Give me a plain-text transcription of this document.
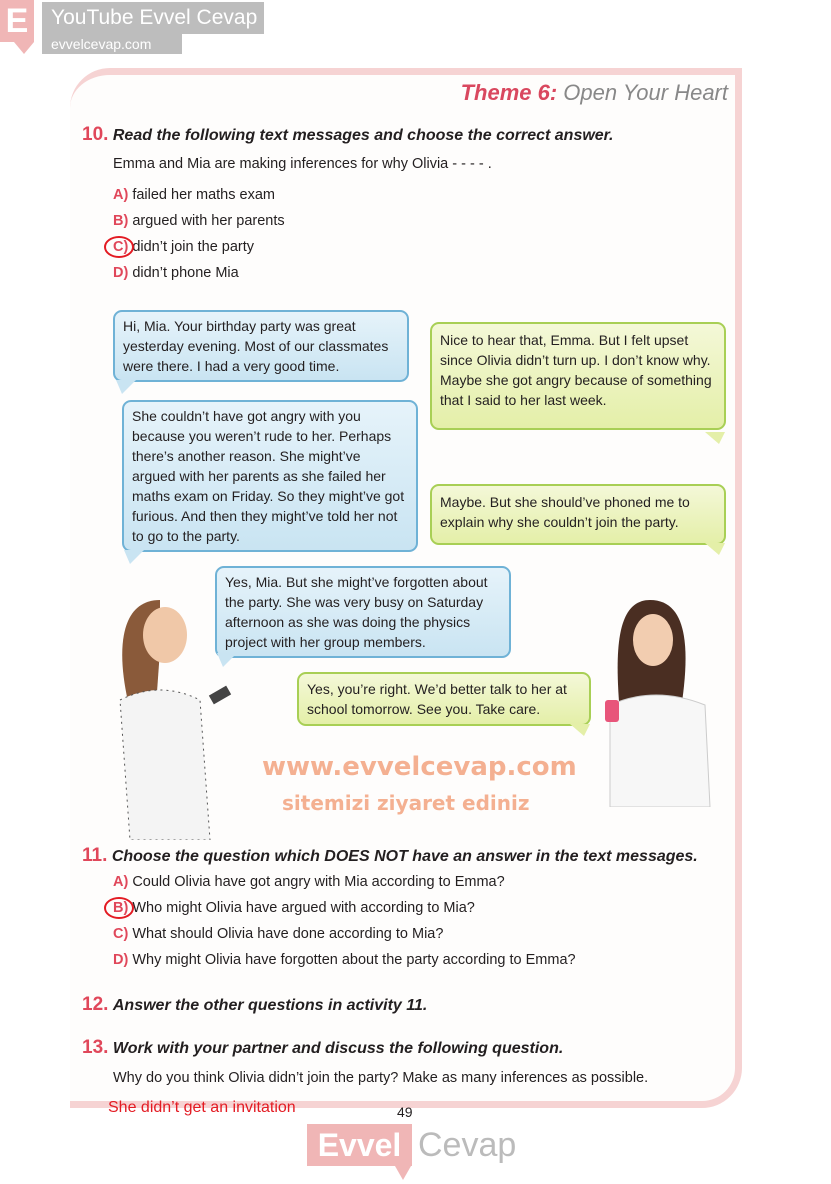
E	YouTube Evvel Cevap
evvelcevap.com
Theme 6: Open Your Heart
10. Read the following text messages and choose the correct answer.
Emma and Mia are making inferences for why Olivia - - - - .
A) failed her maths exam
B) argued with her parents
C) didn’t join the party
D) didn’t phone Mia
Hi, Mia. Your birthday party was great yesterday evening. Most of our classmates were there. I had a very good time.
Nice to hear that, Emma. But I felt upset since Olivia didn’t turn up. I don’t know why. Maybe she got angry because of something that I said to her last week.
She couldn’t have got angry with you because you weren’t rude to her. Perhaps there’s another reason. She might’ve argued with her parents as she failed her maths exam on Friday. So they might’ve got furious. And then they might’ve told her not to go to the party.
Maybe. But she should’ve phoned me to explain why she couldn’t join the party.
Yes, Mia. But she might’ve forgotten about the party. She was very busy on Saturday afternoon as she was doing the physics project with her group members.
Yes, you’re right. We’d better talk to her at school tomorrow. See you. Take care.
www.evvelcevap.com
sitemizi ziyaret ediniz
11. Choose the question which DOES NOT have an answer in the text messages.
A) Could Olivia have got angry with Mia according to Emma?
B) Who might Olivia have argued with according to Mia?
C) What should Olivia have done according to Mia?
D) Why might Olivia have forgotten about the party according to Emma?
12. Answer the other questions in activity 11.
13. Work with your partner and discuss the following question.
Why do you think Olivia didn’t join the party? Make as many inferences as possible.
She didn’t get an invitation	49
Evvel Cevap
